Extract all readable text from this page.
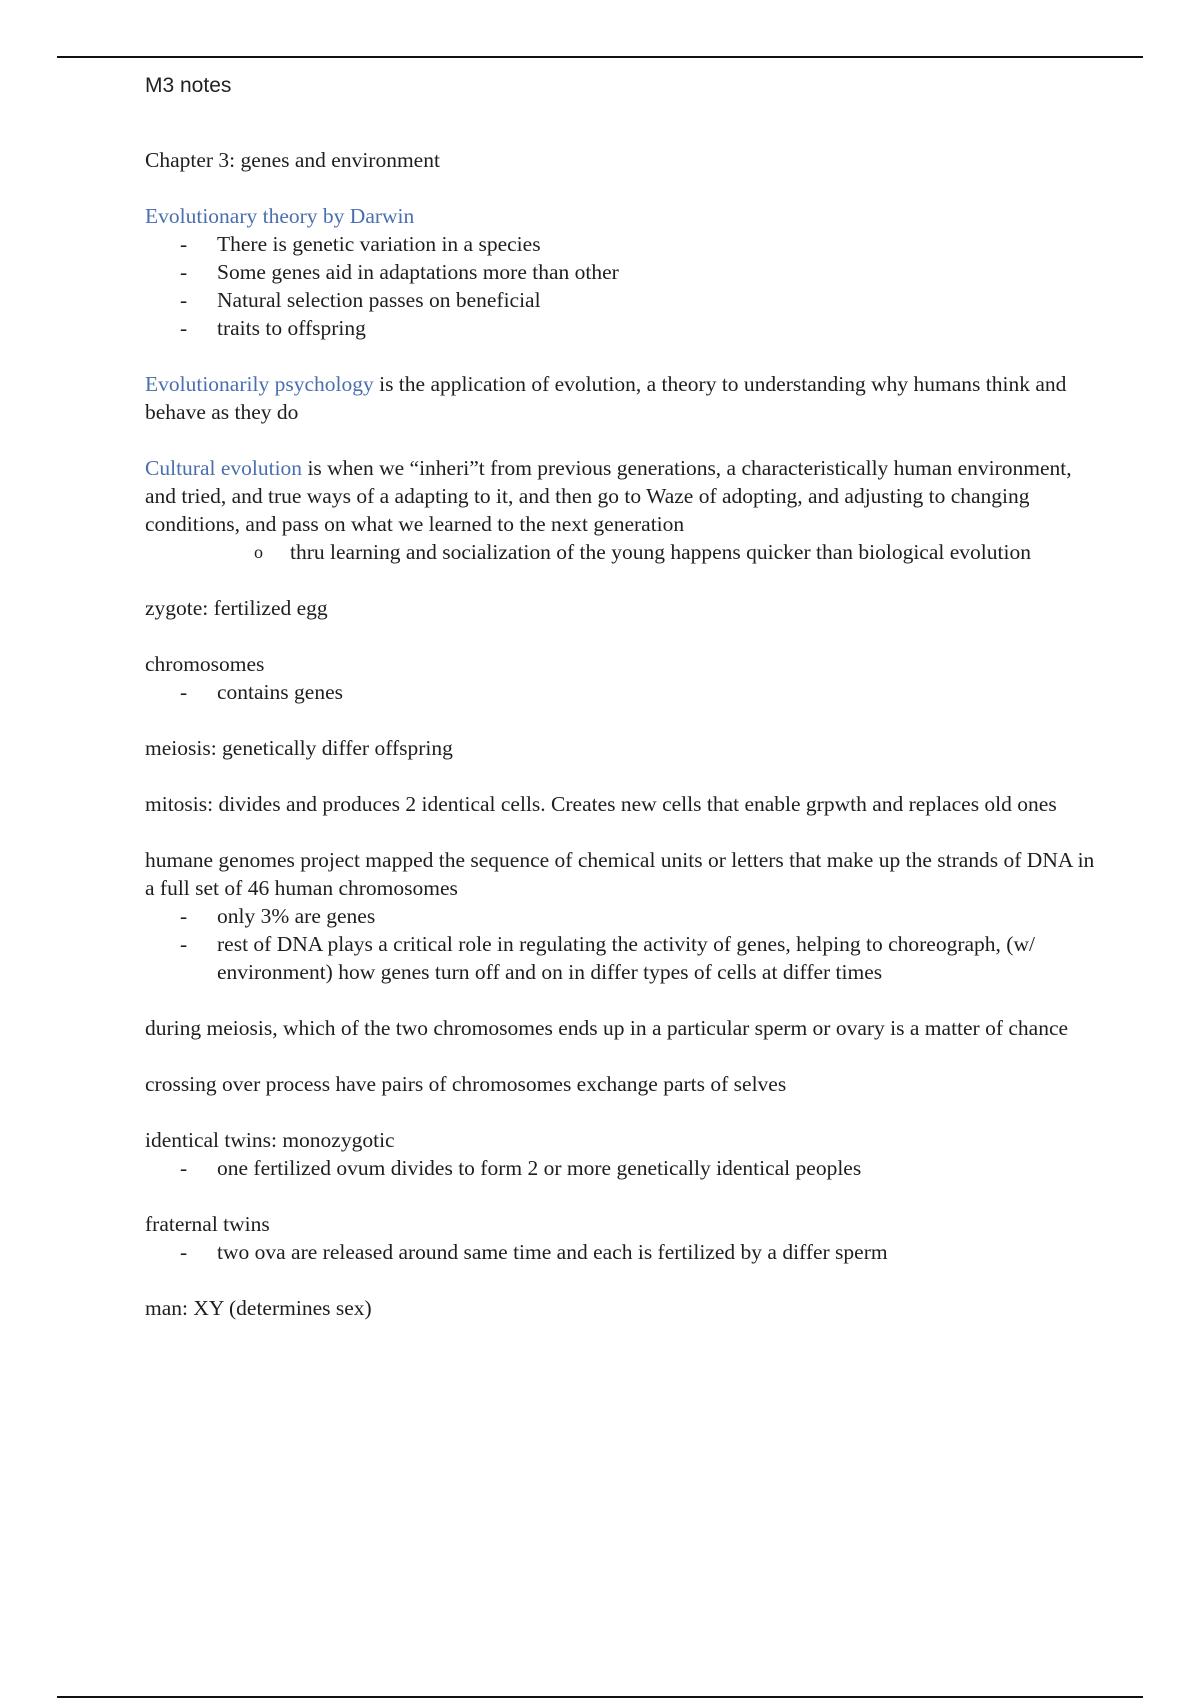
M3 notes

Chapter 3: genes and environment

Evolutionary theory by Darwin

- There is genetic variation in a species
- Some genes aid in adaptations more than other
- Natural selection passes on beneficial
- traits to offspring

Evolutionarily psychology is the application of evolution, a theory to understanding why humans think and behave as they do

Cultural evolution is when we “inheri”t from previous generations, a characteristically human environment, and tried, and true ways of a adapting to it, and then go to Waze of adopting, and adjusting to changing conditions, and pass on what we learned to the next generation

o thru learning and socialization of the young happens quicker than biological evolution

zygote: fertilized egg

chromosomes

- contains genes

meiosis: genetically differ offspring

mitosis: divides and produces 2 identical cells. Creates new cells that enable grpwth and replaces old ones

humane genomes project mapped the sequence of chemical units or letters that make up the strands of DNA in a full set of 46 human chromosomes

- only 3% are genes
- rest of DNA plays a critical role in regulating the activity of genes, helping to choreograph, (w/ environment) how genes turn off and on in differ types of cells at differ times

during meiosis, which of the two chromosomes ends up in a particular sperm or ovary is a matter of chance

crossing over process have pairs of chromosomes exchange parts of selves

identical twins: monozygotic

- one fertilized ovum divides to form 2 or more genetically identical peoples

fraternal twins

- two ova are released around same time and each is fertilized by a differ sperm

man: XY (determines sex)
